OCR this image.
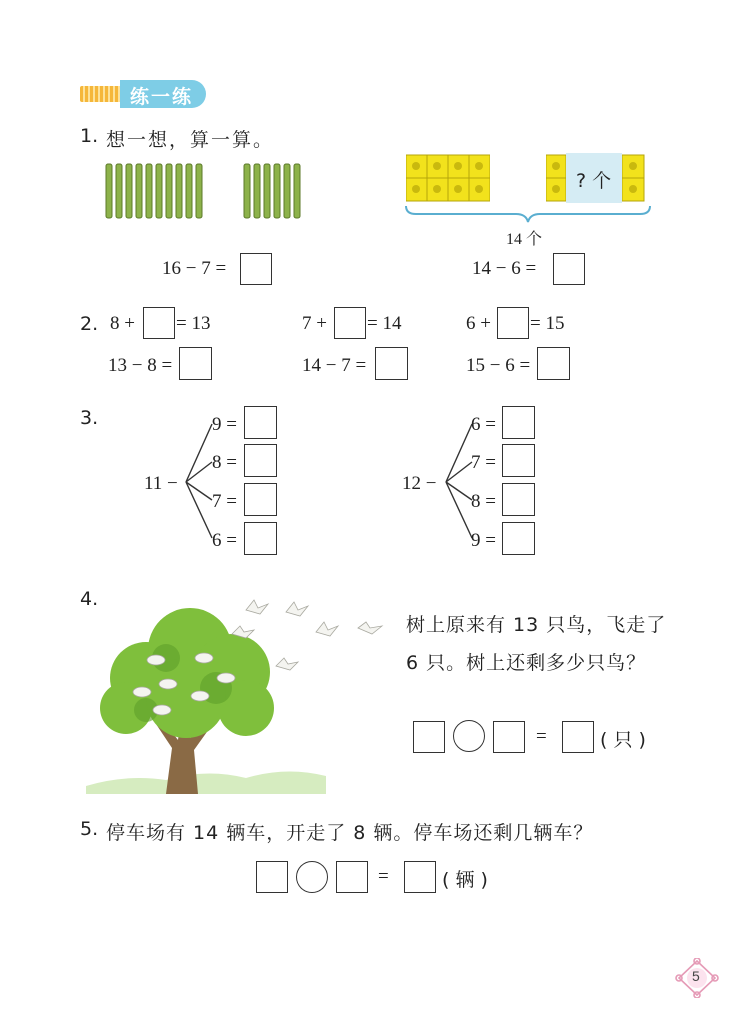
练一练
1. 想一想，算一算。
? 个
14 个
16 − 7 =	14 − 6 =
2. 8 + = 13	7 + = 14	6 + = 15
13 − 8 =	14 − 7 =	15 − 6 =
3.
11 −
9 =
8 =
7 =
6 =
12 −
6 =
7 =
8 =
9 =
4.
树上原来有 13 只鸟，飞走了
6 只。树上还剩多少只鸟？
=	( 只 )
5. 停车场有 14 辆车，开走了 8 辆。停车场还剩几辆车？
=	( 辆 )
5
